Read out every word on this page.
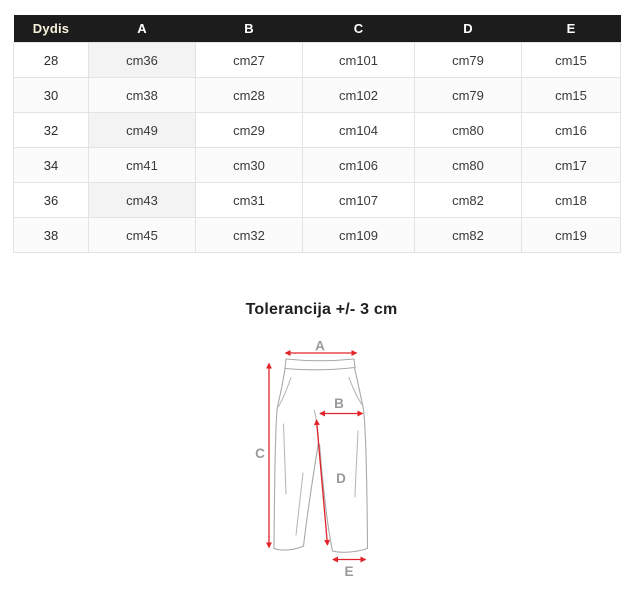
Dydis	A	B	C	D	E
28	cm36	cm27	cm101	cm79	cm15
30	cm38	cm28	cm102	cm79	cm15
32	cm49	cm29	cm104	cm80	cm16
34	cm41	cm30	cm106	cm80	cm17
36	cm43	cm31	cm107	cm82	cm18
38	cm45	cm32	cm109	cm82	cm19
Tolerancija +/- 3 cm
A
B
C
D
E
